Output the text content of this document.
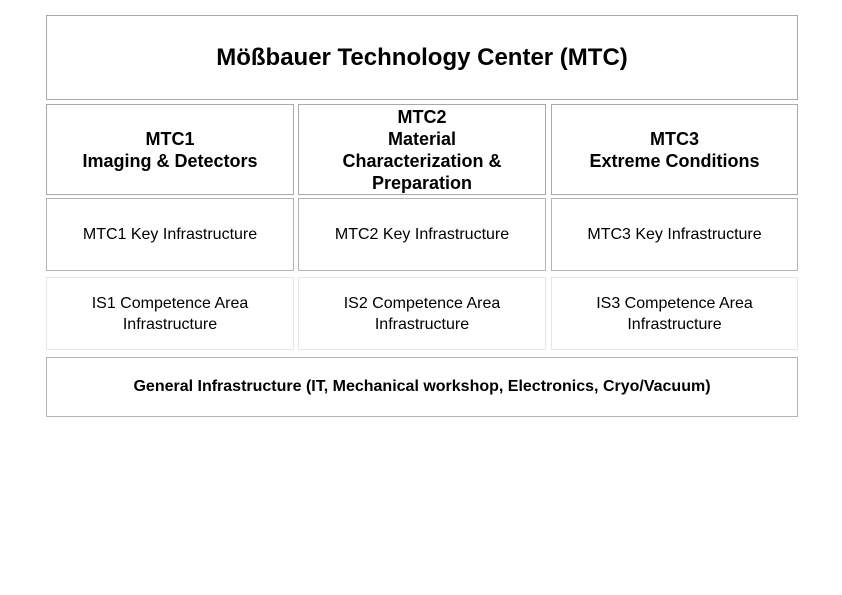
Mößbauer Technology Center (MTC)
MTC1
Imaging & Detectors
MTC2
Material
Characterization &
Preparation
MTC3
Extreme Conditions
MTC1 Key Infrastructure	MTC2 Key Infrastructure	MTC3 Key Infrastructure
IS1 Competence Area
Infrastructure
IS2 Competence Area
Infrastructure
IS3 Competence Area
Infrastructure
General Infrastructure (IT, Mechanical workshop, Electronics, Cryo/Vacuum)
